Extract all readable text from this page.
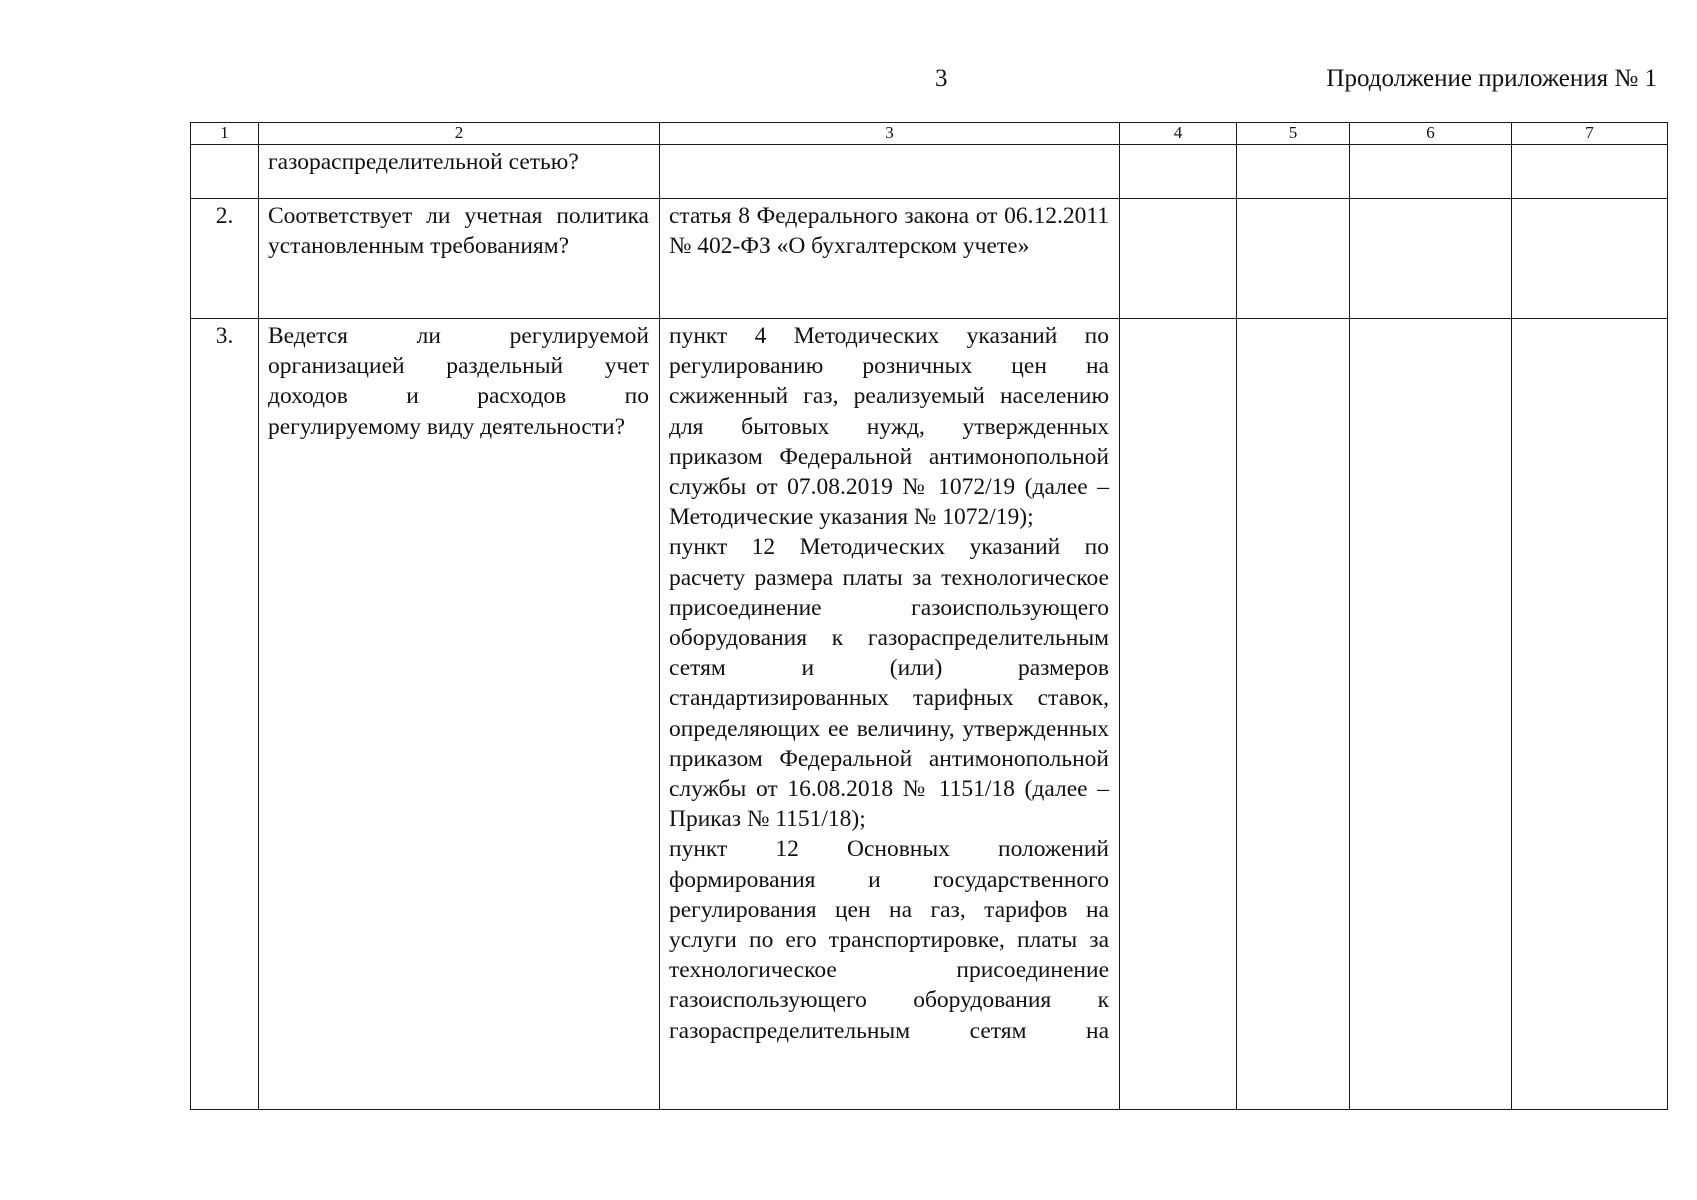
3	Продолжение приложения № 1
1	2	3	4	5	6	7

	газораспределительной сетью?					

2.	Соответствует ли учетная политика установленным требованиям?	статья 8 Федерального закона от 06.12.2011 № 402-ФЗ «О бухгалтерском учете»				

3.	Ведется ли регулируемой организацией раздельный учет доходов и расходов по регулируемому виду деятельности?	пункт 4 Методических указаний по регулированию розничных цен на сжиженный газ, реализуемый населению для бытовых нужд, утвержденных приказом Федеральной антимонопольной службы от 07.08.2019 № 1072/19 (далее – Методические указания № 1072/19);
пункт 12 Методических указаний по расчету размера платы за технологическое присоединение газоиспользующего оборудования к газораспределительным сетям и (или) размеров стандартизированных тарифных ставок, определяющих ее величину, утвержденных приказом Федеральной антимонопольной службы от 16.08.2018 № 1151/18 (далее – Приказ № 1151/18);
пункт 12 Основных положений формирования и государственного регулирования цен на газ, тарифов на услуги по его транспортировке, платы за технологическое присоединение газоиспользующего оборудования к газораспределительным сетям на				
